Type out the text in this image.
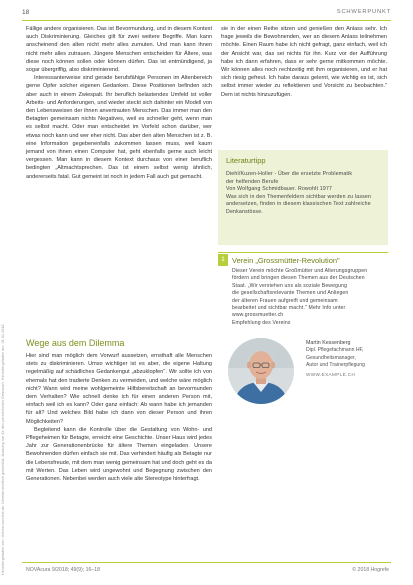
18	SCHWERPUNKT
Heruntergeladen von: thieme-connect.de. Urheberrechtlich geschützt. Nutzung nur für den persönlichen Gebrauch. Heruntergeladen am: 01.01.2018

Fällige andere organisieren. Das ist Bevormundung, und in diesem Kontext auch Diskriminierung. Gleiches gilt für zwei weitere Begriffe. Man kann anscheinend den alten nicht mehr alles zumuten. Und man kann ihnen nicht mehr alles zutrauen. Jüngere Menschen entscheiden für Ältere, was diese noch können sollen oder können dürfen. Das ist entmündigend, ja sogar übergriffig, also diskriminierend.

Interessanterweise sind gerade berufsfähige Personen im Altenbereich gerne Opfer solcher eigenen Gedanken. Diese Positionen befinden sich aber auch in einem Zwiespalt. Ihr beruflich belastendes Umfeld ist voller Arbeits- und Anforderungen, und wieder steckt sich dahinter ein Modell von den Lebensweisen der ihnen anvertrauten Menschen. Das immer man den Betagten gemeinsam nichts Negatives, weil es schneller geht, wenn man es selbst macht. Oder man entscheidet im Vorfeld schon darüber, wer etwas noch kann und wer eher nicht. Das aber den alten Menschen ist z. B. eine Information gegebenenfalls zukommen lassen muss, weil kaum jemand von ihnen einen Computer hat, geht ebenfalls gerne auch leicht vergessen. Man kann in diesem Kontext durchaus von einer beruflich bedingten „Altmachtsprechen. Das ist einem selbst wenig ähnlich, andererseits fatal. Gut gemeint ist noch in jedem Fall auch gut gemacht.

Wege aus dem Dilemma

Hier sind man möglich dem Vorwurf aussetzen, ernsthaft alle Menschen stets zu diskriminieren. Umso wichtiger ist es aber, die eigene Haltung regelmäßig auf schädliches Gedankengut „abzuklopfen". Wir sollte ich von ehemals hat den tradierte Denken zu vermeiden, und welche wäre möglich nicht? Wann wird meine wohlgemeinte Hilfsbereitschaft an bevormunden dem Verhalten? Wie schnell denke ich für einen anderen Person mit, einfach weil ich es kann? Oder ganz einfach: Ab wann habe ich jemanden für alt? Und welches Bild habe ich dann von dieser Person und ihren Möglichkeiten?

Begleitend kann die Kontrolle über die Gestaltung von Wohn- und Pflegeheimen für Betagte, erreicht eine Geschichte. Unser Haus wird jedes Jahr zur Generationenbrücke für ältere Themen eingeladen. Unsere Bewohnenden dürfen einfach sie mit. Das verhindert häufig als Betagte nur die Lebensfreude, mit dem man wenig gemeinsam hat und doch geht es da mit Werten. Das Leben wird ungewohnt und Begegnung zwischen den Generationen. Nebenbei werden auch viele alte Stereotype hinterfragt.

sie in der einen Reihe sitzen und genießen den Anlass sehr. Ich frage jeweils die Bewohnenden, wer an diesem Anlass teilnehmen möchte. Einen Raum habe ich nicht gefragt, ganz einfach, weil ich der Ansicht war, das sei nichts für ihn. Kurz vor der Aufführung habe ich dann erfahren, dass er sehr gerne mitkommen möchte. Wir können alles noch rechtzeitig mit ihm organisieren, und er hat sich riesig gefreut. Ich habe daraus gelernt, wie wichtig es ist, sich selbst immer wieder zu reflektieren und Vorsicht zu beobachten." Dem ist nichts hinzuzufügen.

Literaturtipp
Diehl/Kuzen-Holler - Über die ersetzte Problematik
der helfenden Berufe
Von Wolfgang Schmidbauer. Rowohlt 1977
Was sich in den Themenfeldern sichtbar werden zu lassen
andersetzen, finden in diesem klassischen Text zahlreiche
Denkanstösse.
1 Verein „Grossmütter-Revolution"
Dieser Verein möchte Großmütter und Alterungsgruppen
fördern und bringen diesen Themen aus der Deutschen
Staat. „Wir verstehen uns als soziale Bewegung
die gesellschaftsrelevante Themen und Anliegen
der älteren Frauen aufgreift und gemeinsam
bearbeitet und sichtbar macht." Mehr Info unter
www.grossmuetter.ch
Empfehlung des Vereins
Martin Kessenberg
Dipl. Pflegefachmann HF,
Gesundheitsmanager,
Autor und Trainerpflegung
WWW.EXAMPLE.CH
NOVAcura 9/2018; 49(9); 16–18	© 2018 Hogrefe
